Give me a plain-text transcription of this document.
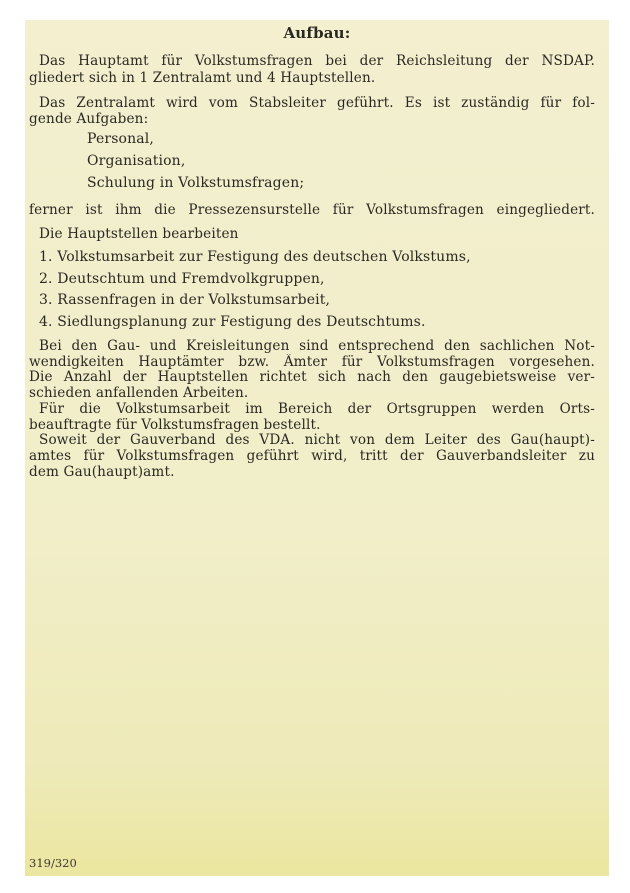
Aufbau:
Das Hauptamt für Volkstumsfragen bei der Reichsleitung der NSDAP.
gliedert sich in 1 Zentralamt und 4 Hauptstellen.
Das Zentralamt wird vom Stabsleiter geführt. Es ist zuständig für fol-
gende Aufgaben:
Personal,
Organisation,
Schulung in Volkstumsfragen;
ferner ist ihm die Pressezensurstelle für Volkstumsfragen eingegliedert.
Die Hauptstellen bearbeiten
1. Volkstumsarbeit zur Festigung des deutschen Volkstums,
2. Deutschtum und Fremdvolkgruppen,
3. Rassenfragen in der Volkstumsarbeit,
4. Siedlungsplanung zur Festigung des Deutschtums.
Bei den Gau- und Kreisleitungen sind entsprechend den sachlichen Not-
wendigkeiten Hauptämter bzw. Ämter für Volkstumsfragen vorgesehen.
Die Anzahl der Hauptstellen richtet sich nach den gaugebietsweise ver-
schieden anfallenden Arbeiten.
Für die Volkstumsarbeit im Bereich der Ortsgruppen werden Orts-
beauftragte für Volkstumsfragen bestellt.
Soweit der Gauverband des VDA. nicht von dem Leiter des Gau(haupt)-
amtes für Volkstumsfragen geführt wird, tritt der Gauverbandsleiter zu
dem Gau(haupt)amt.
319/320
